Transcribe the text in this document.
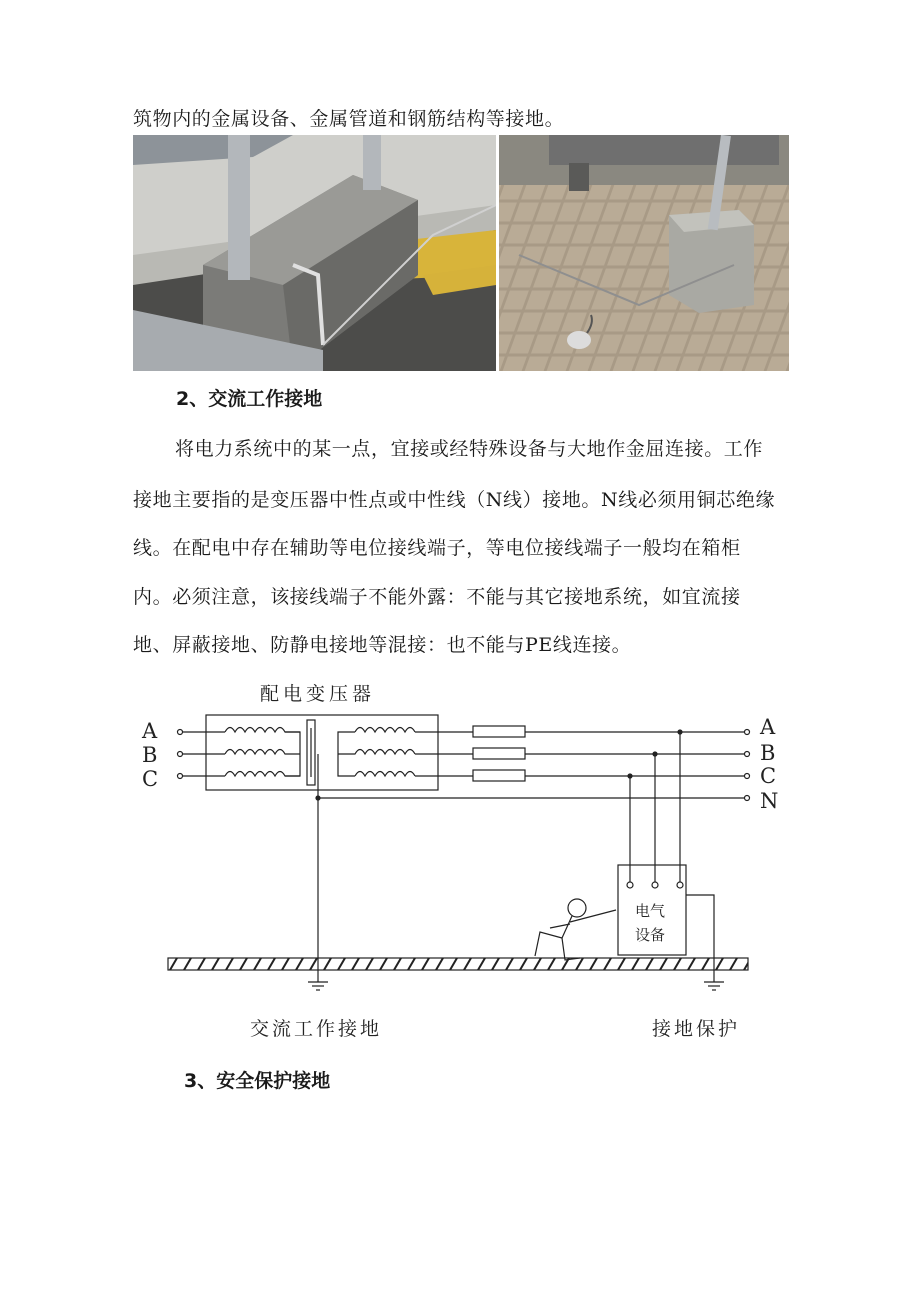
筑物内的金属设备、金属管道和钢筋结构等接地。
2、交流工作接地
将电力系统中的某一点，宜接或经特殊设备与大地作金屈连接。工作
接地主要指的是变压器中性点或中性线（N线）接地。N线必须用铜芯绝缘
线。在配电中存在辅助等电位接线端子，等电位接线端子一般均在箱柜
内。必须注意，该接线端子不能外露：不能与其它接地系统，如宜流接
地、屏蔽接地、防静电接地等混接：也不能与PE线连接。
配电变压器
A
B
C
A
B
C
N
电气
设备
交流工作接地	接地保护
3、安全保护接地
